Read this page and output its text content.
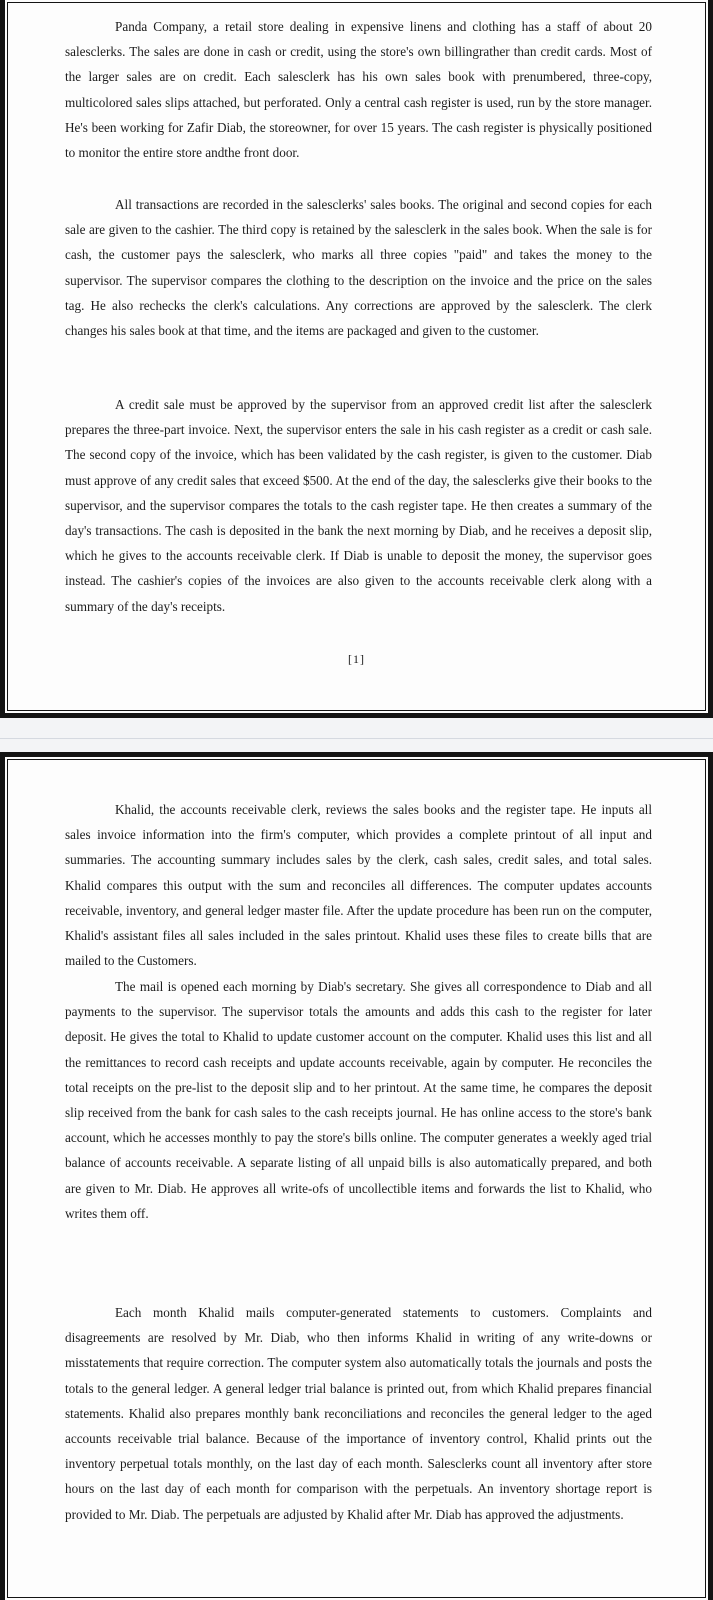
Panda Company, a retail store dealing in expensive linens and clothing has a staff of about 20 salesclerks. The sales are done in cash or credit, using the store's own billingrather than credit cards. Most of the larger sales are on credit. Each salesclerk has his own sales book with prenumbered, three-copy, multicolored sales slips attached, but perforated. Only a central cash register is used, run by the store manager. He's been working for Zafir Diab, the storeowner, for over 15 years. The cash register is physically positioned to monitor the entire store andthe front door.

All transactions are recorded in the salesclerks' sales books. The original and second copies for each sale are given to the cashier. The third copy is retained by the salesclerk in the sales book. When the sale is for cash, the customer pays the salesclerk, who marks all three copies "paid" and takes the money to the supervisor. The supervisor compares the clothing to the description on the invoice and the price on the sales tag. He also rechecks the clerk's calculations. Any corrections are approved by the salesclerk. The clerk changes his sales book at that time, and the items are packaged and given to the customer.

A credit sale must be approved by the supervisor from an approved credit list after the salesclerk prepares the three-part invoice. Next, the supervisor enters the sale in his cash register as a credit or cash sale. The second copy of the invoice, which has been validated by the cash register, is given to the customer. Diab must approve of any credit sales that exceed $500. At the end of the day, the salesclerks give their books to the supervisor, and the supervisor compares the totals to the cash register tape. He then creates a summary of the day's transactions. The cash is deposited in the bank the next morning by Diab, and he receives a deposit slip, which he gives to the accounts receivable clerk. If Diab is unable to deposit the money, the supervisor goes instead. The cashier's copies of the invoices are also given to the accounts receivable clerk along with a summary of the day's receipts.

[1]

Khalid, the accounts receivable clerk, reviews the sales books and the register tape. He inputs all sales invoice information into the firm's computer, which provides a complete printout of all input and summaries. The accounting summary includes sales by the clerk, cash sales, credit sales, and total sales. Khalid compares this output with the sum and reconciles all differences. The computer updates accounts receivable, inventory, and general ledger master file. After the update procedure has been run on the computer, Khalid's assistant files all sales included in the sales printout. Khalid uses these files to create bills that are mailed to the Customers.

The mail is opened each morning by Diab's secretary. She gives all correspondence to Diab and all payments to the supervisor. The supervisor totals the amounts and adds this cash to the register for later deposit. He gives the total to Khalid to update customer account on the computer. Khalid uses this list and all the remittances to record cash receipts and update accounts receivable, again by computer. He reconciles the total receipts on the pre-list to the deposit slip and to her printout. At the same time, he compares the deposit slip received from the bank for cash sales to the cash receipts journal. He has online access to the store's bank account, which he accesses monthly to pay the store's bills online. The computer generates a weekly aged trial balance of accounts receivable. A separate listing of all unpaid bills is also automatically prepared, and both are given to Mr. Diab. He approves all write-ofs of uncollectible items and forwards the list to Khalid, who writes them off.

Each month Khalid mails computer-generated statements to customers. Complaints and disagreements are resolved by Mr. Diab, who then informs Khalid in writing of any write-downs or misstatements that require correction. The computer system also automatically totals the journals and posts the totals to the general ledger. A general ledger trial balance is printed out, from which Khalid prepares financial statements. Khalid also prepares monthly bank reconciliations and reconciles the general ledger to the aged accounts receivable trial balance. Because of the importance of inventory control, Khalid prints out the inventory perpetual totals monthly, on the last day of each month. Salesclerks count all inventory after store hours on the last day of each month for comparison with the perpetuals. An inventory shortage report is provided to Mr. Diab. The perpetuals are adjusted by Khalid after Mr. Diab has approved the adjustments.
